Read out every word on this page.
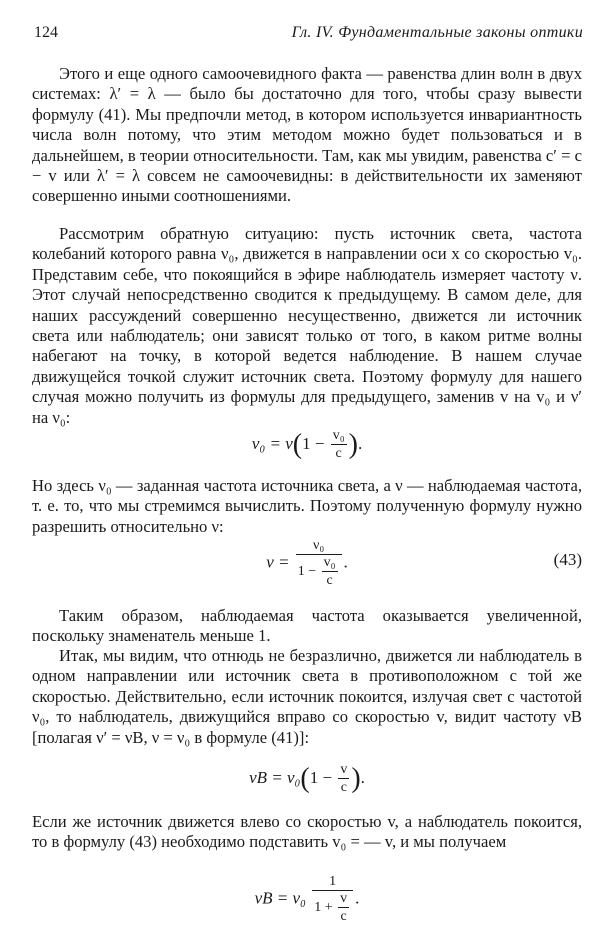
124	Гл. IV. Фундаментальные законы оптики

Этого и еще одного самоочевидного факта — равенства длин волн в двух системах: λ′ = λ — было бы достаточно для того, чтобы сразу вывести формулу (41). Мы предпочли метод, в котором используется инвариантность числа волн потому, что этим методом можно будет пользоваться и в дальнейшем, в теории относительности. Там, как мы увидим, равенства c′ = c − v или λ′ = λ совсем не самоочевидны: в действительности их заменяют совершенно иными соотношениями.

Рассмотрим обратную ситуацию: пусть источник света, частота колебаний которого равна ν₀, движется в направлении оси x со скоростью v₀. Представим себе, что покоящийся в эфире наблюдатель измеряет частоту ν. Этот случай непосредственно сводится к предыдущему. В самом деле, для наших рассуждений совершенно несущественно, движется ли источник света или наблюдатель; они зависят только от того, в каком ритме волны набегают на точку, в которой ведется наблюдение. В нашем случае движущейся точкой служит источник света. Поэтому формулу для нашего случая можно получить из формулы для предыдущего, заменив v на v₀ и ν′ на ν₀:

$\nu_0 = \nu(1 - \frac{\text{v₀}}{c}$ ).

Но здесь ν₀ — заданная частота источника света, а ν — наблюдаемая частота, т. е. то, что мы стремимся вычислить. Поэтому полученную формулу нужно разрешить относительно ν:

$\nu = \frac{\text{ν₀}}{1 - \frac{\text{v₀}}{c}}$ .	(43)

Таким образом, наблюдаемая частота оказывается увеличенной, поскольку знаменатель меньше 1.

Итак, мы видим, что отнюдь не безразлично, движется ли наблюдатель в одном направлении или источник света в противоположном с той же скоростью. Действительно, если источник покоится, излучая свет с частотой ν₀, то наблюдатель, движущийся вправо со скоростью v, видит частоту νB [полагая ν′ = νB, ν = ν₀ в формуле (41)]:

$\nu B = \nu_0(1 - \frac{v}{c}$ ).

Если же источник движется влево со скоростью v, а наблюдатель покоится, то в формулу (43) необходимо подставить v₀ = — v, и мы получаем

$\nu B = \nu_0 \frac{1}{1 + \frac{v}{c}}$ .
